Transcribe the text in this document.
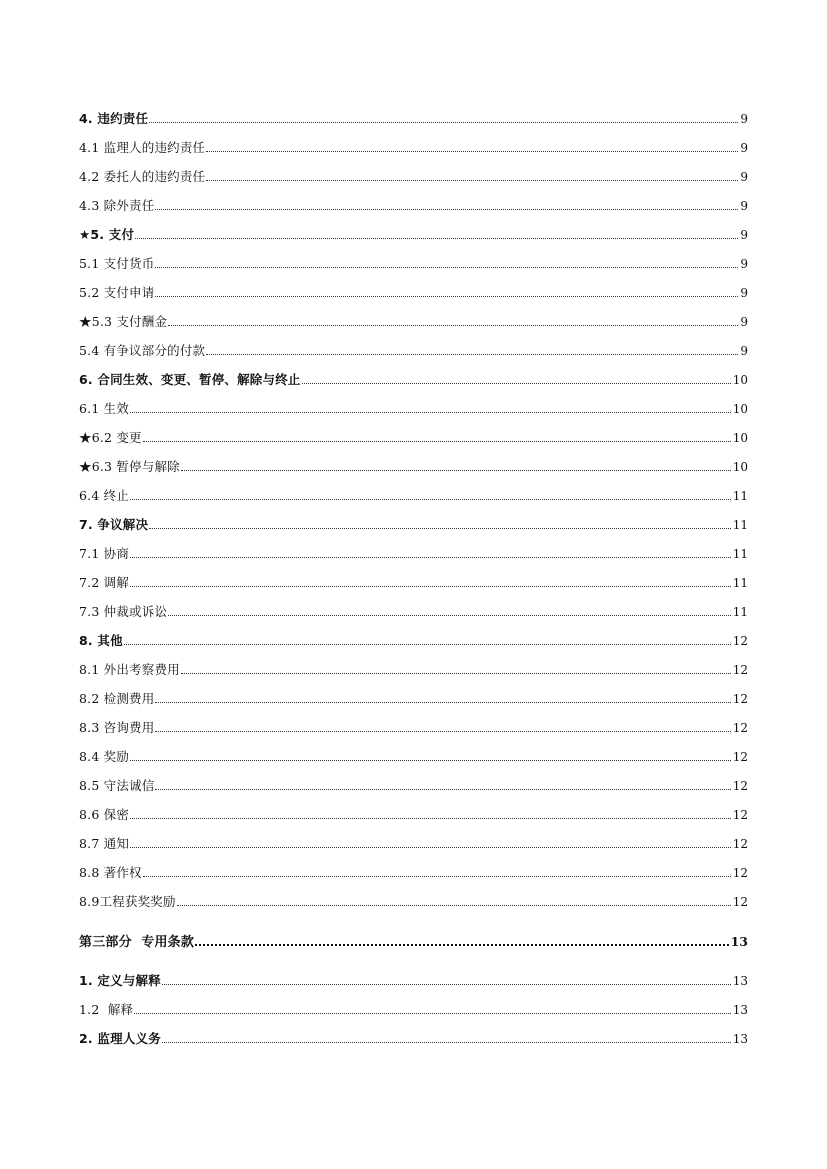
4. 违约责任	9
4.1 监理人的违约责任	9
4.2 委托人的违约责任	9
4.3 除外责任	9
★5. 支付	9
5.1 支付货币	9
5.2 支付申请	9
★5.3 支付酬金	9
5.4 有争议部分的付款	9
6. 合同生效、变更、暂停、解除与终止	10
6.1 生效	10
★6.2 变更	10
★6.3 暂停与解除	10
6.4 终止	11
7. 争议解决	11
7.1 协商	11
7.2 调解	11
7.3 仲裁或诉讼	11
8. 其他	12
8.1 外出考察费用	12
8.2 检测费用	12
8.3 咨询费用	12
8.4 奖励	12
8.5 守法诚信	12
8.6 保密	12
8.7 通知	12
8.8 著作权	12
8.9工程获奖奖励	12
第三部分  专用条款	13
1. 定义与解释	13
1.2  解释	13
2. 监理人义务	13
